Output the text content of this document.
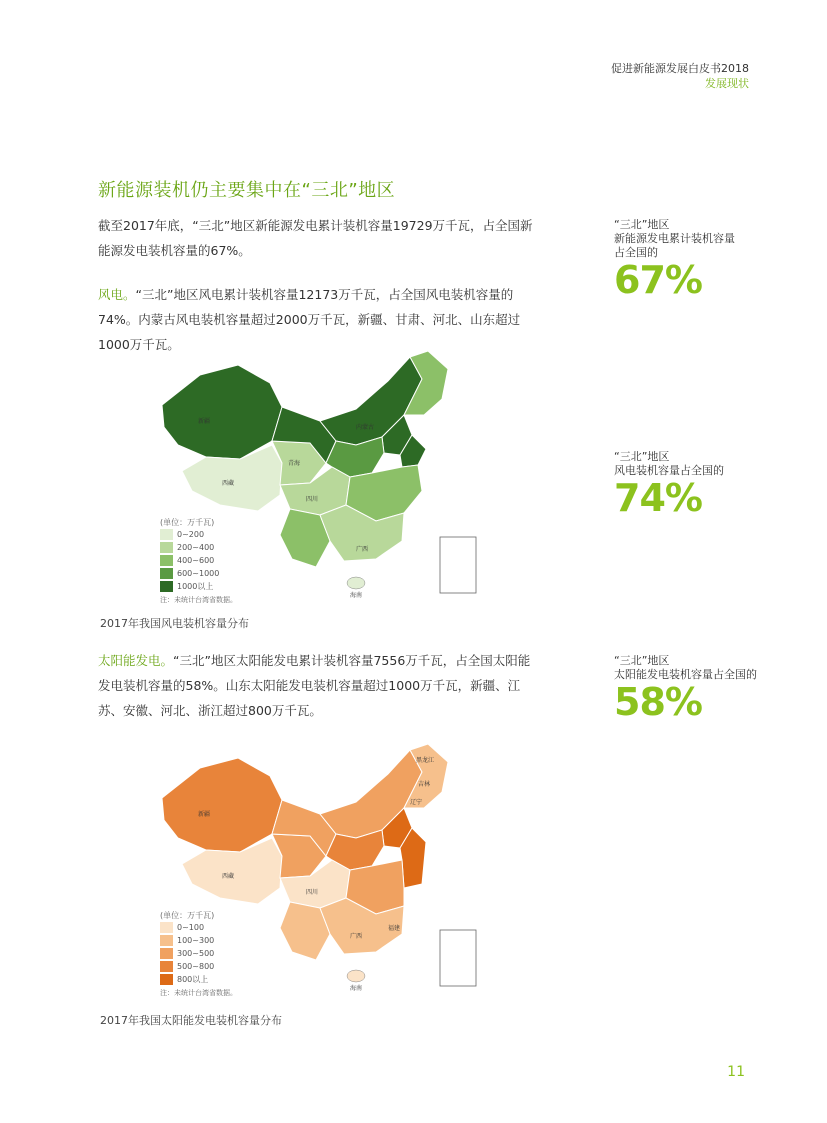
促进新能源发展白皮书2018
发展现状
新能源装机仍主要集中在“三北”地区
截至2017年底，“三北”地区新能源发电累计装机容量19729万千瓦，占全国新能源发电装机容量的67%。
风电。“三北”地区风电累计装机容量12173万千瓦，占全国风电装机容量的74%。内蒙古风电装机容量超过2000万千瓦，新疆、甘肃、河北、山东超过1000万千瓦。
“三北”地区
新能源发电累计装机容量
占全国的
67%
“三北”地区
风电装机容量占全国的
74%
“三北”地区
太阳能发电装机容量占全国的
58%
新疆
西藏
青海
内蒙古
四川
广西
海南
(单位：万千瓦)
0~200
200~400
400~600
600~1000
1000以上
注：未统计台湾省数据。
2017年我国风电装机容量分布
太阳能发电。“三北”地区太阳能发电累计装机容量7556万千瓦，占全国太阳能发电装机容量的58%。山东太阳能发电装机容量超过1000万千瓦，新疆、江苏、安徽、河北、浙江超过800万千瓦。
新疆
西藏
黑龙江
吉林
辽宁
四川
广西
福建
海南
(单位：万千瓦)
0~100
100~300
300~500
500~800
800以上
注：未统计台湾省数据。
2017年我国太阳能发电装机容量分布
11
